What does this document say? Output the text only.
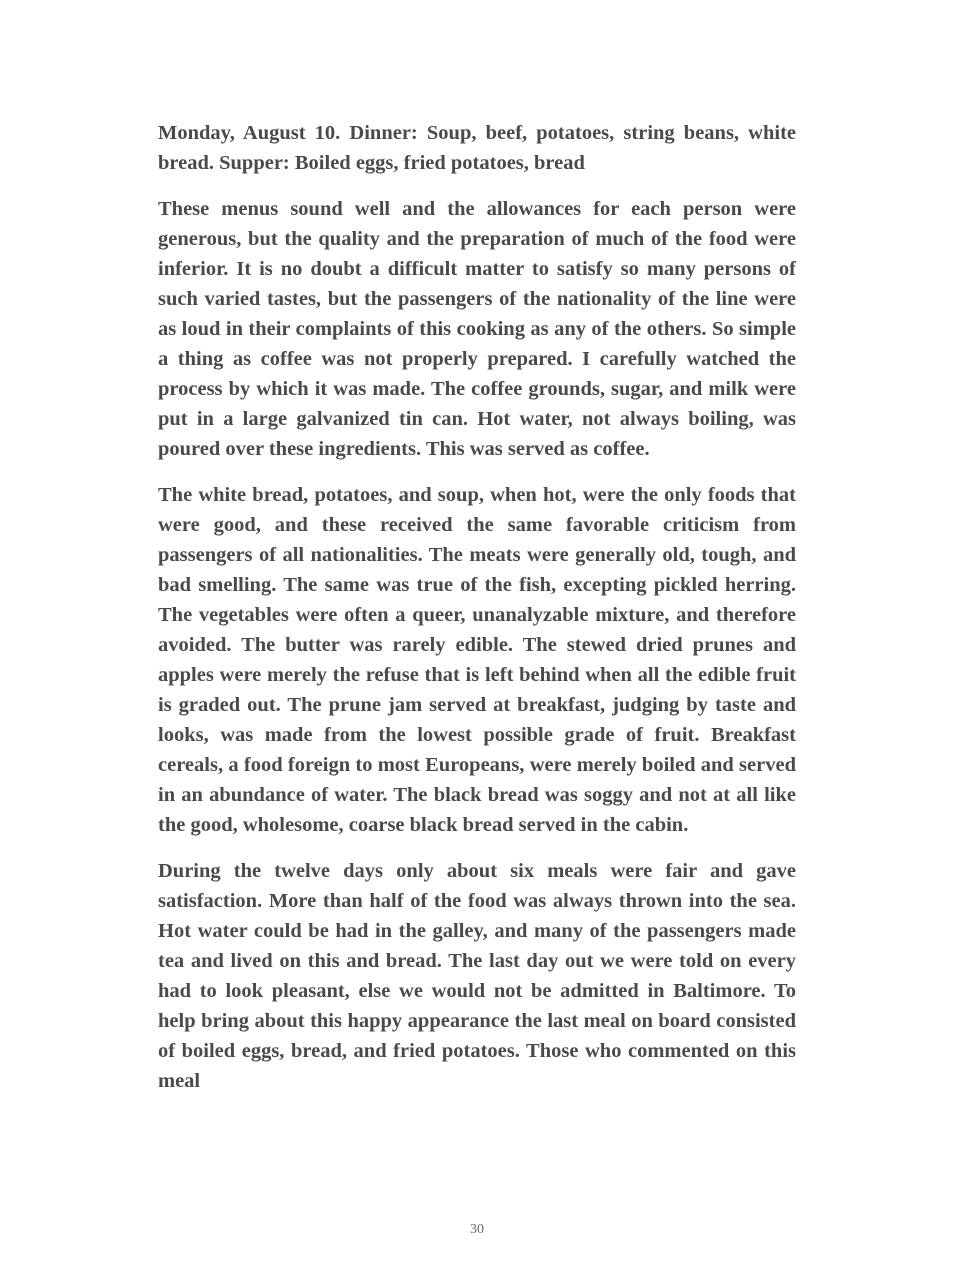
Monday, August 10. Dinner: Soup, beef, potatoes, string beans, white bread. Supper: Boiled eggs, fried potatoes, bread

These menus sound well and the allowances for each person were generous, but the quality and the preparation of much of the food were inferior. It is no doubt a difficult matter to satisfy so many persons of such varied tastes, but the passengers of the nationality of the line were as loud in their complaints of this cooking as any of the others. So simple a thing as coffee was not properly prepared. I carefully watched the process by which it was made. The coffee grounds, sugar, and milk were put in a large galvanized tin can. Hot water, not always boiling, was poured over these ingredients. This was served as coffee.

The white bread, potatoes, and soup, when hot, were the only foods that were good, and these received the same favorable criticism from passengers of all nationalities. The meats were generally old, tough, and bad smelling. The same was true of the fish, excepting pickled herring. The vegetables were often a queer, unanalyzable mixture, and therefore avoided. The butter was rarely edible. The stewed dried prunes and apples were merely the refuse that is left behind when all the edible fruit is graded out. The prune jam served at breakfast, judging by taste and looks, was made from the lowest possible grade of fruit. Breakfast cereals, a food foreign to most Europeans, were merely boiled and served in an abundance of water. The black bread was soggy and not at all like the good, wholesome, coarse black bread served in the cabin.

During the twelve days only about six meals were fair and gave satisfaction. More than half of the food was always thrown into the sea. Hot water could be had in the galley, and many of the passengers made tea and lived on this and bread. The last day out we were told on every had to look pleasant, else we would not be admitted in Baltimore. To help bring about this happy appearance the last meal on board consisted of boiled eggs, bread, and fried potatoes. Those who commented on this meal

30
